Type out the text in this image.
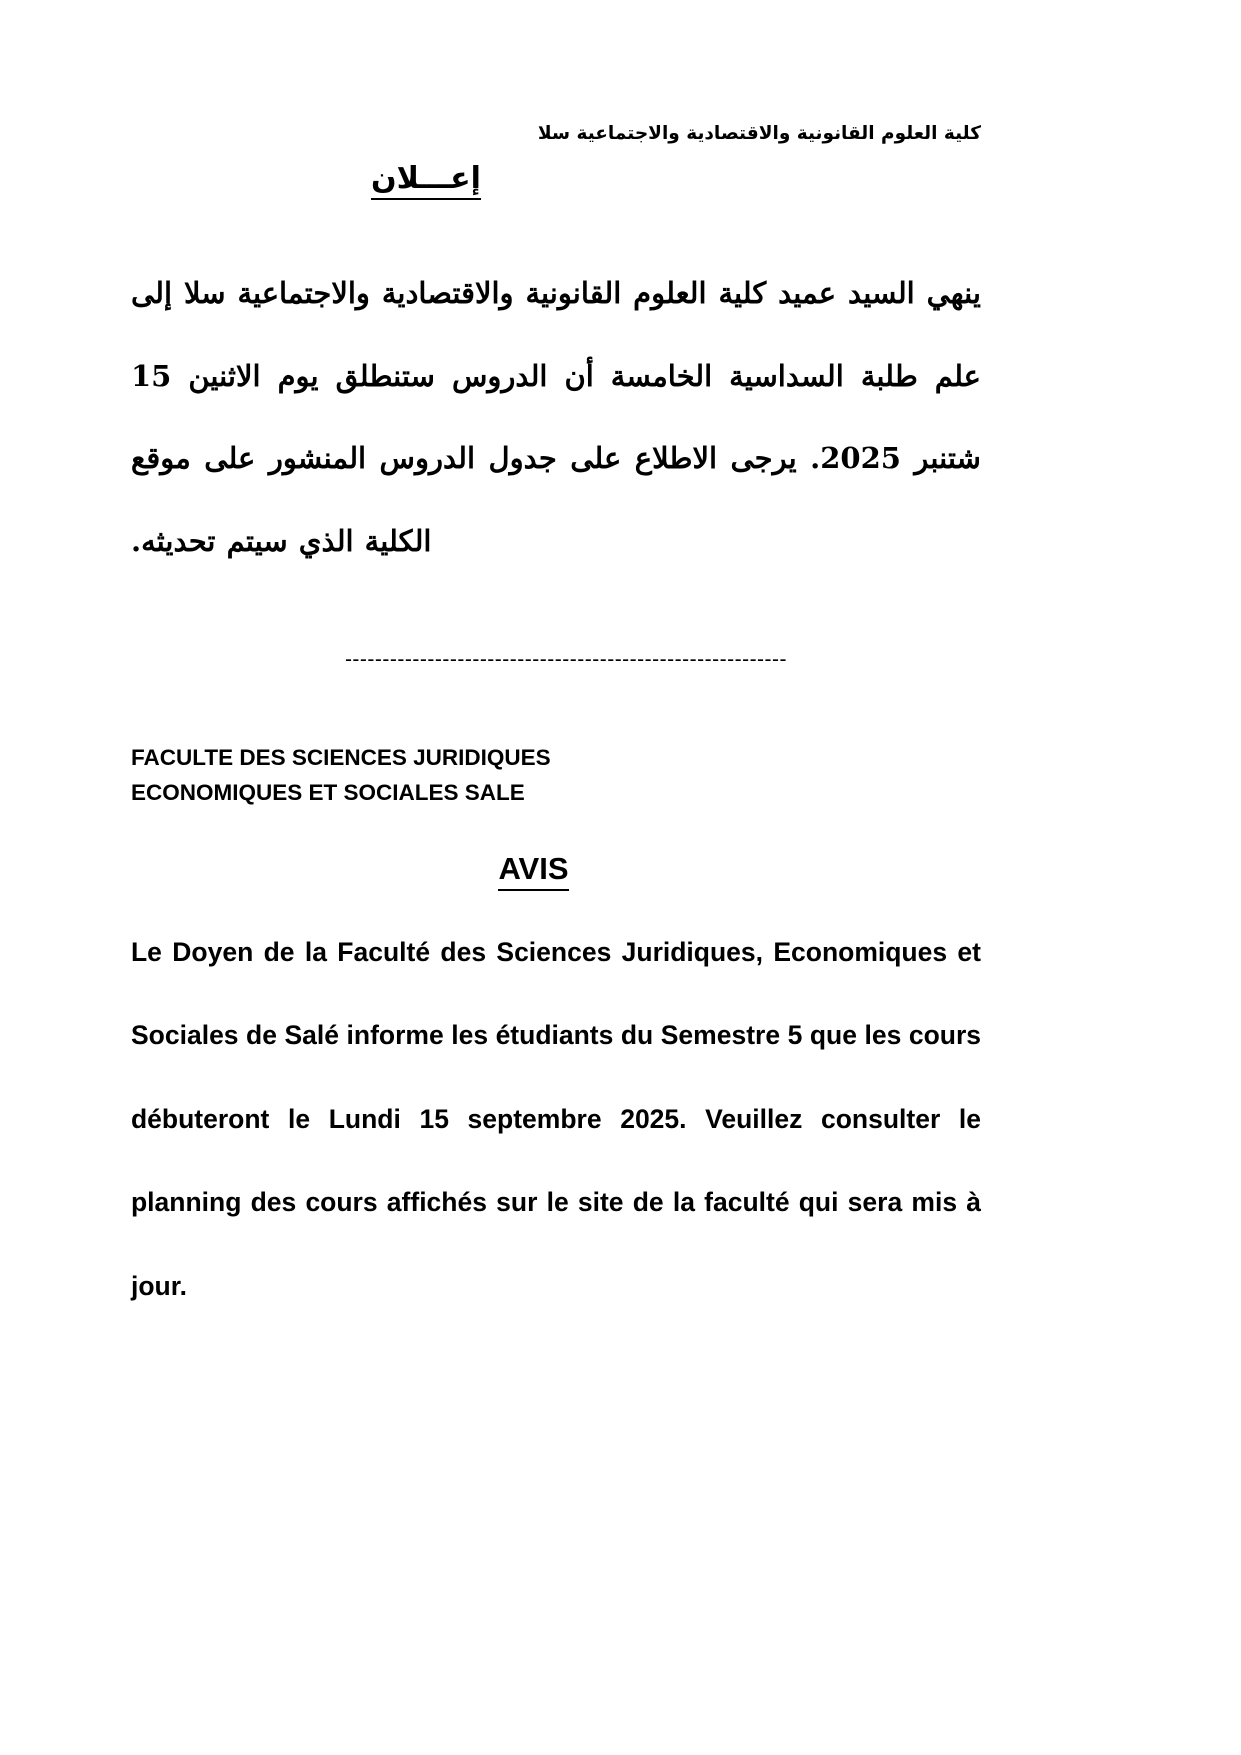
كلية العلوم القانونية والاقتصادية والاجتماعية سلا
إعـــلان

ينهي السيد عميد كلية العلوم القانونية والاقتصادية والاجتماعية سلا إلى علم طلبة السداسية الخامسة أن الدروس ستنطلق يوم الاثنين 15 شتنبر 2025. يرجى الاطلاع على جدول الدروس المنشور على موقع الكلية الذي سيتم تحديثه.

-----------------------------------------------------------
FACULTE DES SCIENCES JURIDIQUES
ECONOMIQUES ET SOCIALES SALE
AVIS

Le Doyen de la Faculté des Sciences Juridiques, Economiques et Sociales de Salé informe les étudiants du Semestre 5 que les cours débuteront le Lundi 15 septembre 2025. Veuillez consulter le planning des cours affichés sur le site de la faculté qui sera mis à jour.
